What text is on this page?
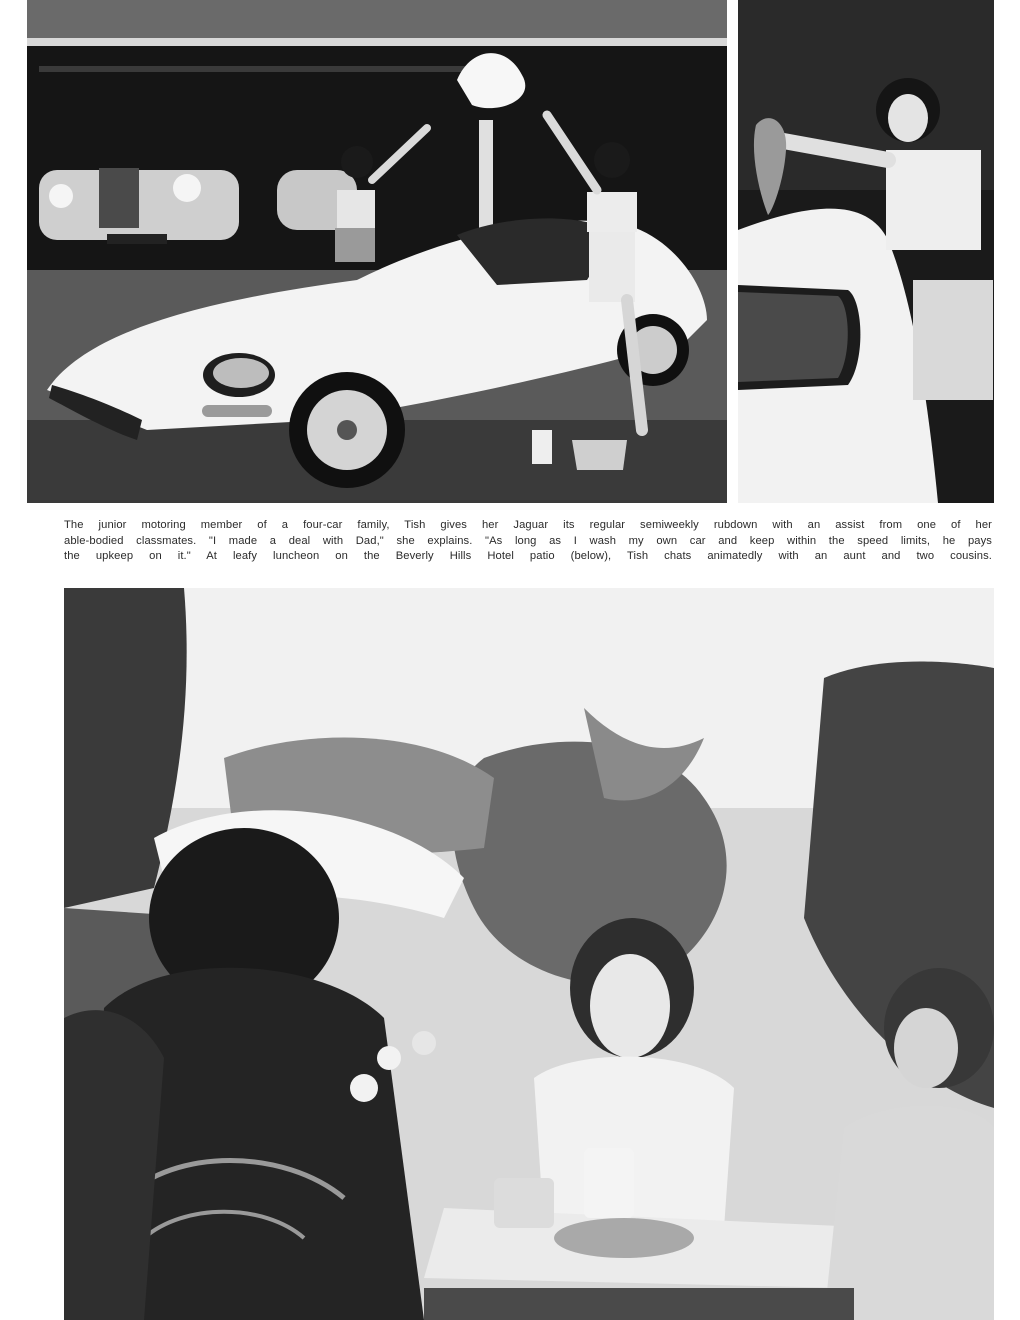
The junior motoring member of a four-car family, Tish gives her Jaguar its regular semiweekly rubdown with an assist from one of her
able-bodied classmates. "I made a deal with Dad," she explains. "As long as I wash my own car and keep within the speed limits, he pays
the upkeep on it." At leafy luncheon on the Beverly Hills Hotel patio (below), Tish chats animatedly with an aunt and two cousins.
